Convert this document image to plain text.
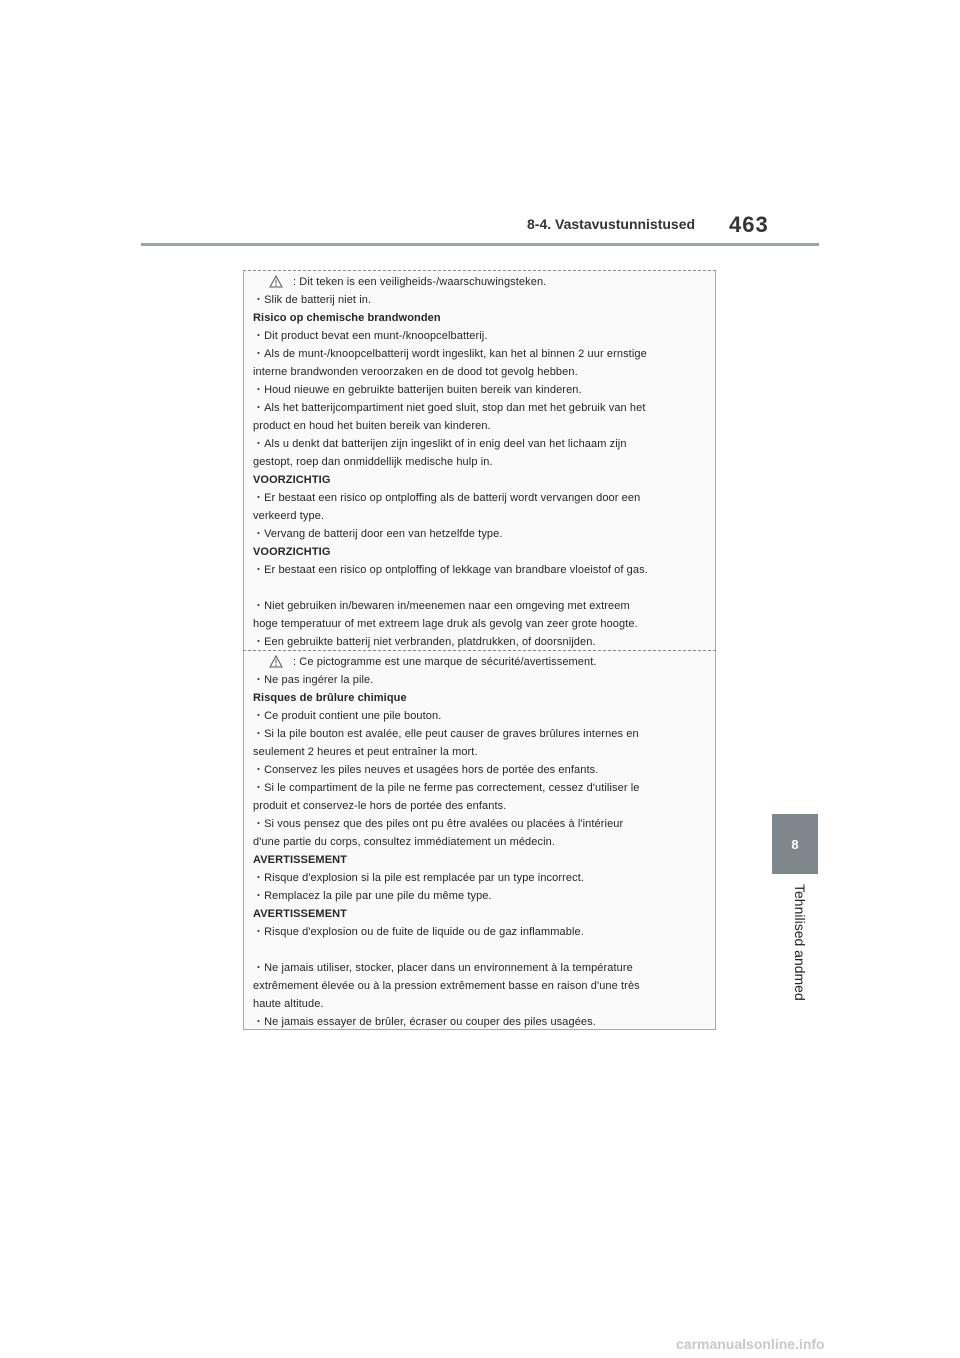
8-4. Vastavustunnistused 463
8
Tehnilised andmed
: Dit teken is een veiligheids-/waarschuwingsteken.
・Slik de batterij niet in.
Risico op chemische brandwonden
・Dit product bevat een munt-/knoopcelbatterij.
・Als de munt-/knoopcelbatterij wordt ingeslikt, kan het al binnen 2 uur ernstige
interne brandwonden veroorzaken en de dood tot gevolg hebben.
・Houd nieuwe en gebruikte batterijen buiten bereik van kinderen.
・Als het batterijcompartiment niet goed sluit, stop dan met het gebruik van het
product en houd het buiten bereik van kinderen.
・Als u denkt dat batterijen zijn ingeslikt of in enig deel van het lichaam zijn
gestopt, roep dan onmiddellijk medische hulp in.
VOORZICHTIG
・Er bestaat een risico op ontploffing als de batterij wordt vervangen door een
verkeerd type.
・Vervang de batterij door een van hetzelfde type.
VOORZICHTIG
・Er bestaat een risico op ontploffing of lekkage van brandbare vloeistof of gas.
・Niet gebruiken in/bewaren in/meenemen naar een omgeving met extreem
hoge temperatuur of met extreem lage druk als gevolg van zeer grote hoogte.
・Een gebruikte batterij niet verbranden, platdrukken, of doorsnijden.
: Ce pictogramme est une marque de sécurité/avertissement.
・Ne pas ingérer la pile.
Risques de brûlure chimique
・Ce produit contient une pile bouton.
・Si la pile bouton est avalée, elle peut causer de graves brûlures internes en
seulement 2 heures et peut entraîner la mort.
・Conservez les piles neuves et usagées hors de portée des enfants.
・Si le compartiment de la pile ne ferme pas correctement, cessez d'utiliser le
produit et conservez-le hors de portée des enfants.
・Si vous pensez que des piles ont pu être avalées ou placées à l'intérieur
d'une partie du corps, consultez immédiatement un médecin.
AVERTISSEMENT
・Risque d'explosion si la pile est remplacée par un type incorrect.
・Remplacez la pile par une pile du même type.
AVERTISSEMENT
・Risque d'explosion ou de fuite de liquide ou de gaz inflammable.
・Ne jamais utiliser, stocker, placer dans un environnement à la température
extrêmement élevée ou à la pression extrêmement basse en raison d'une très
haute altitude.
・Ne jamais essayer de brûler, écraser ou couper des piles usagées.
carmanualsonline.info
